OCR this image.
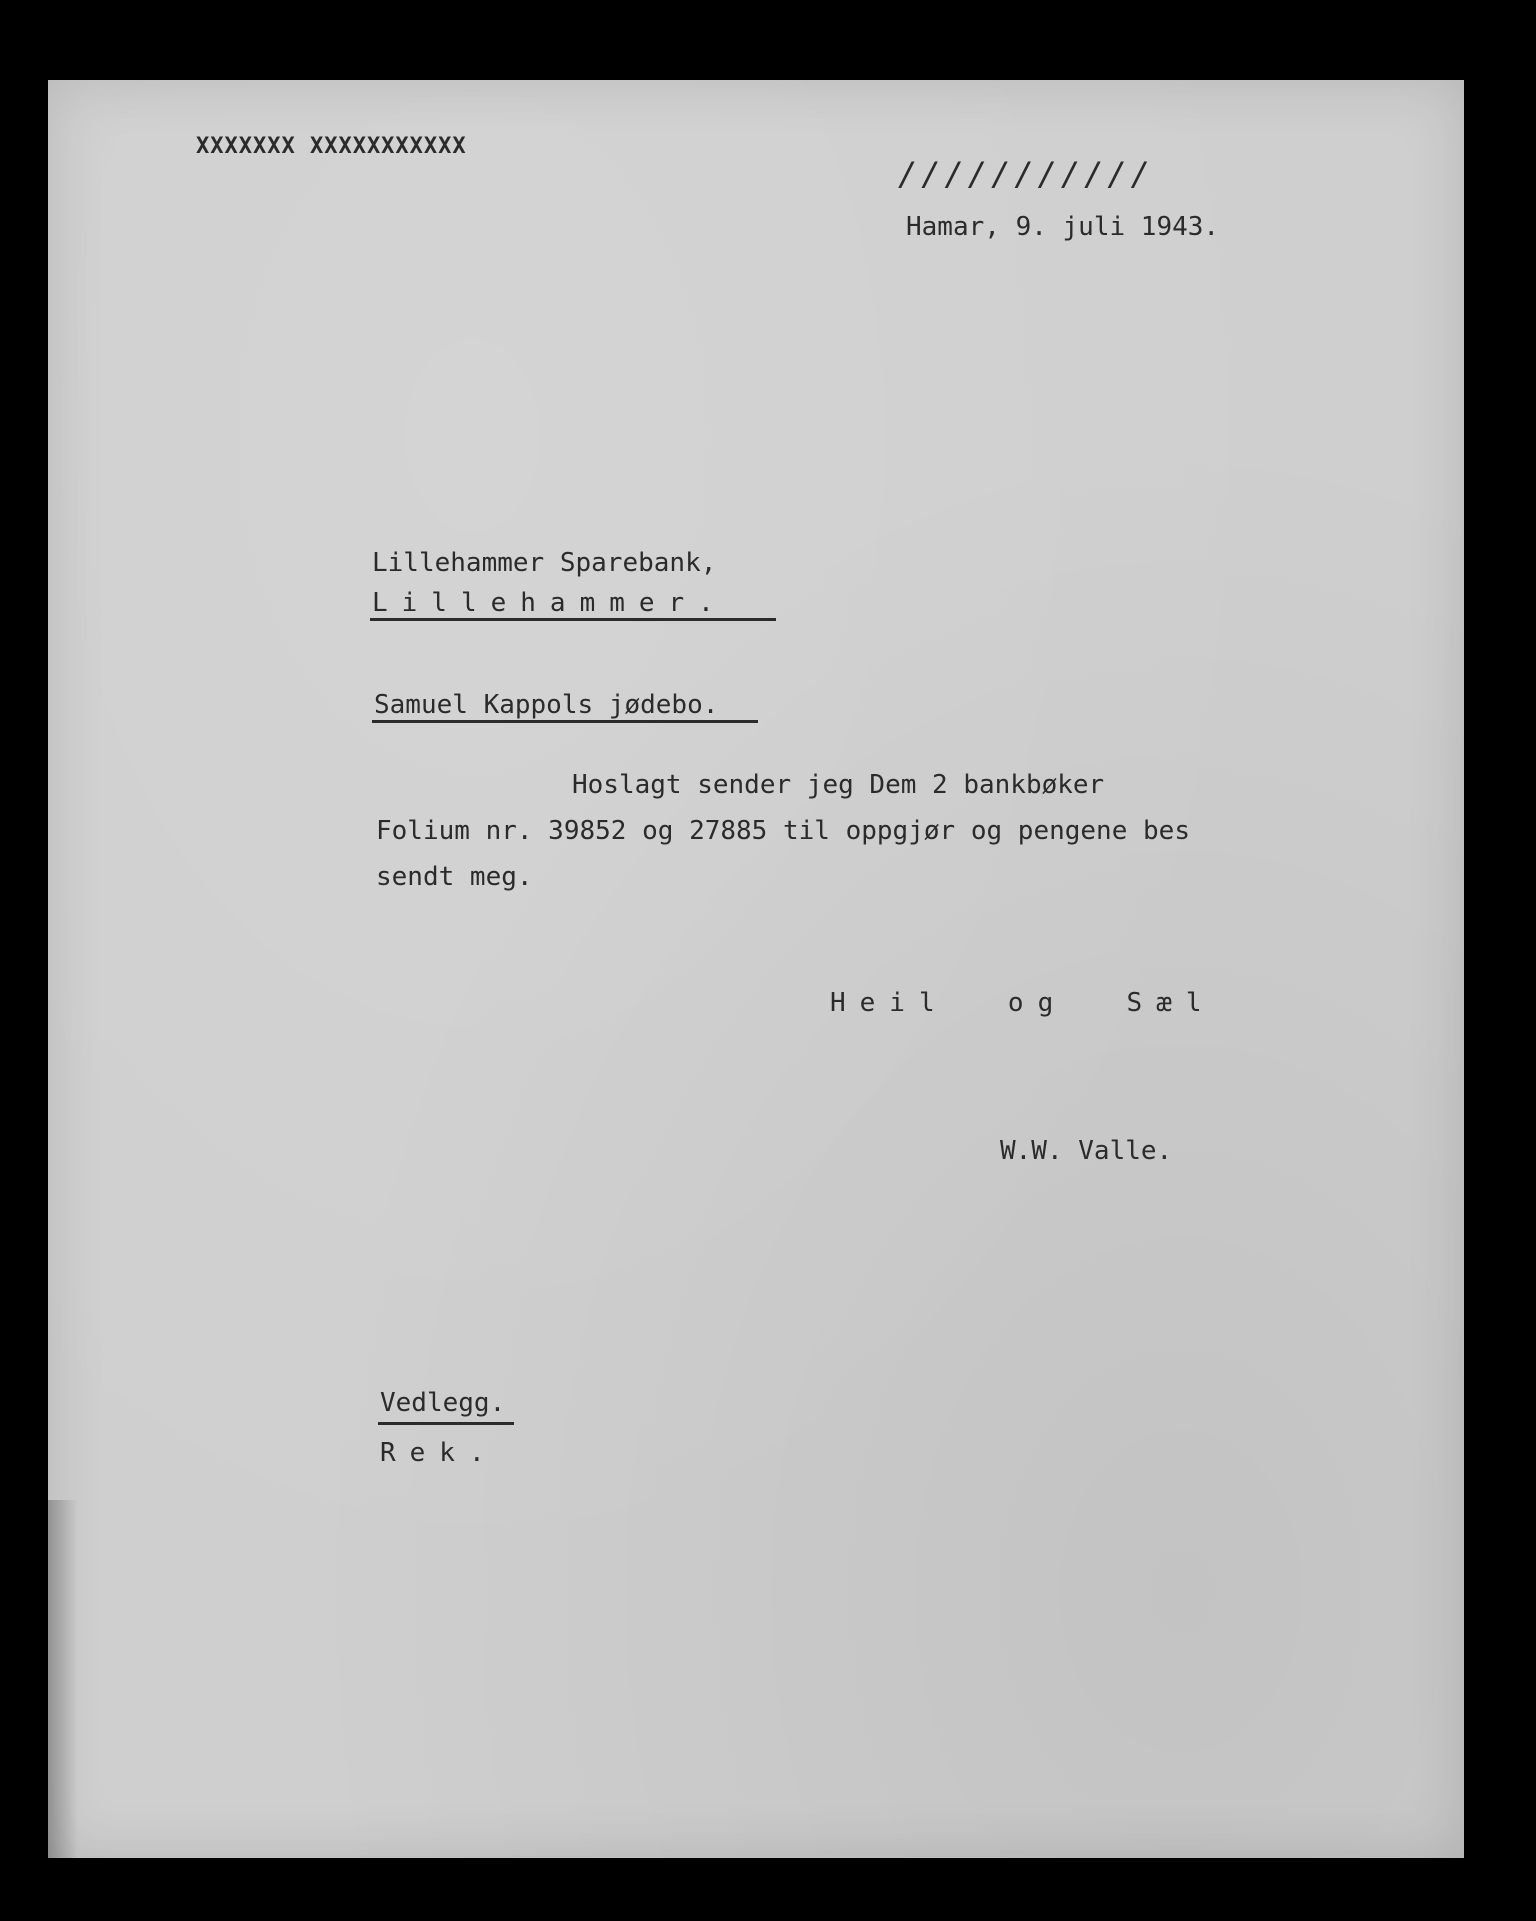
XXXXXXX XXXXXXXXXXX
///////////
Hamar, 9. juli 1943.
Lillehammer Sparebank,
Lillehammer.
Samuel Kappols jødebo.
Hoslagt sender jeg Dem 2 bankbøker
Folium nr. 39852 og 27885 til oppgjør og pengene bes
sendt meg.
Heil  og  Sæl
W.W. Valle.
Vedlegg.
Rek.
